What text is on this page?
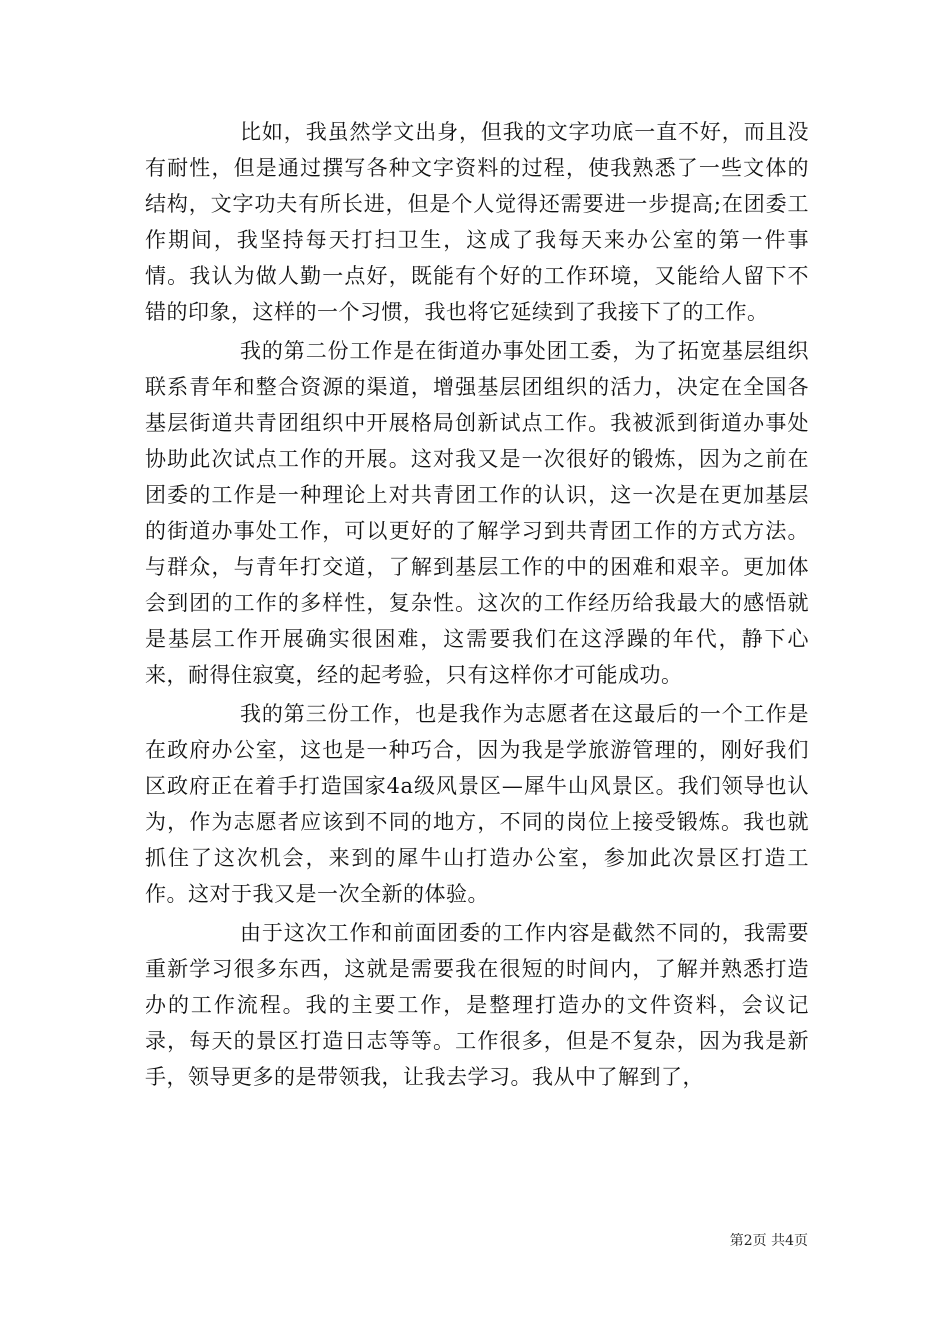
比如，我虽然学文出身，但我的文字功底一直不好，而且没有耐性，但是通过撰写各种文字资料的过程，使我熟悉了一些文体的结构，文字功夫有所长进，但是个人觉得还需要进一步提高;在团委工作期间，我坚持每天打扫卫生，这成了我每天来办公室的第一件事情。我认为做人勤一点好，既能有个好的工作环境，又能给人留下不错的印象，这样的一个习惯，我也将它延续到了我接下了的工作。

我的第二份工作是在街道办事处团工委，为了拓宽基层组织联系青年和整合资源的渠道，增强基层团组织的活力，决定在全国各基层街道共青团组织中开展格局创新试点工作。我被派到街道办事处协助此次试点工作的开展。这对我又是一次很好的锻炼，因为之前在团委的工作是一种理论上对共青团工作的认识，这一次是在更加基层的街道办事处工作，可以更好的了解学习到共青团工作的方式方法。与群众，与青年打交道，了解到基层工作的中的困难和艰辛。更加体会到团的工作的多样性，复杂性。这次的工作经历给我最大的感悟就是基层工作开展确实很困难，这需要我们在这浮躁的年代，静下心来，耐得住寂寞，经的起考验，只有这样你才可能成功。

我的第三份工作，也是我作为志愿者在这最后的一个工作是在政府办公室，这也是一种巧合，因为我是学旅游管理的，刚好我们区政府正在着手打造国家4a级风景区—犀牛山风景区。我们领导也认为，作为志愿者应该到不同的地方，不同的岗位上接受锻炼。我也就抓住了这次机会，来到的犀牛山打造办公室，参加此次景区打造工作。这对于我又是一次全新的体验。

由于这次工作和前面团委的工作内容是截然不同的，我需要重新学习很多东西，这就是需要我在很短的时间内，了解并熟悉打造办的工作流程。我的主要工作，是整理打造办的文件资料，会议记录，每天的景区打造日志等等。工作很多，但是不复杂，因为我是新手，领导更多的是带领我，让我去学习。我从中了解到了，

第2页 共4页
